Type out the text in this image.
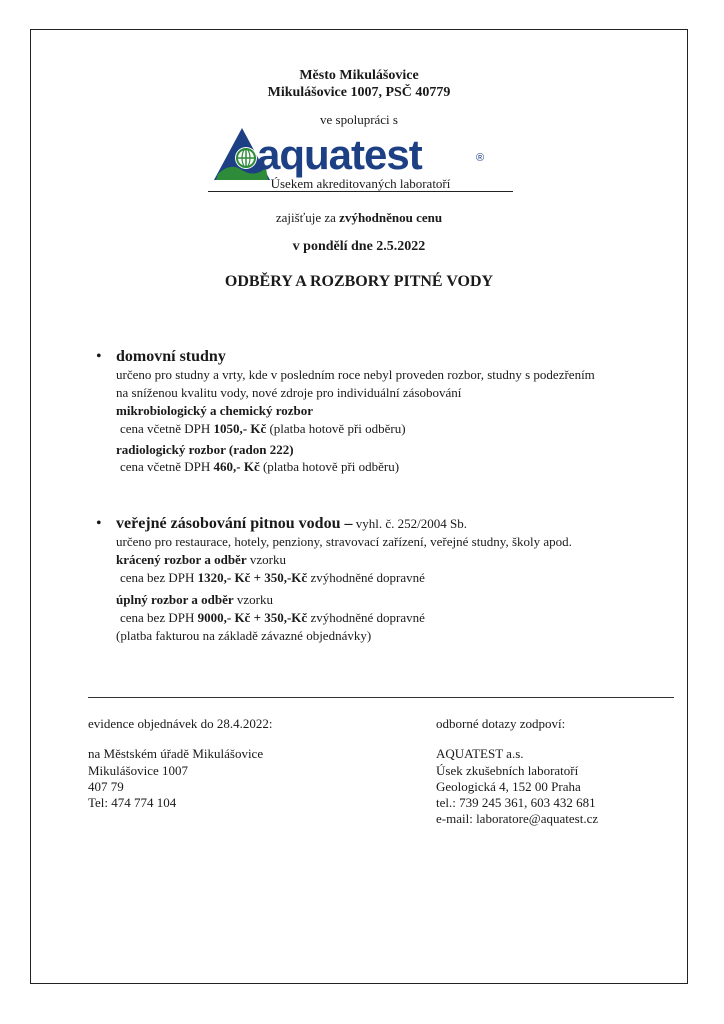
Město Mikulášovice
Mikulášovice 1007, PSČ 40779
ve spolupráci s
aquatest	®
Úsekem akreditovaných laboratoří
zajišťuje za zvýhodněnou cenu
v pondělí dne 2.5.2022
ODBĚRY A ROZBORY PITNÉ VODY
• domovní studny
určeno pro studny a vrty, kde v posledním roce nebyl proveden rozbor, studny s podezřením
na sníženou kvalitu vody, nové zdroje pro individuální zásobování
mikrobiologický a chemický rozbor
cena včetně DPH 1050,- Kč (platba hotově při odběru)
radiologický rozbor (radon 222)
cena včetně DPH 460,- Kč (platba hotově při odběru)
• veřejné zásobování pitnou vodou – vyhl. č. 252/2004 Sb.
určeno pro restaurace, hotely, penziony, stravovací zařízení, veřejné studny, školy apod.
krácený rozbor a odběr vzorku
cena bez DPH 1320,- Kč + 350,-Kč zvýhodněné dopravné
úplný rozbor a odběr vzorku
cena bez DPH 9000,- Kč + 350,-Kč zvýhodněné dopravné
(platba fakturou na základě závazné objednávky)
evidence objednávek do 28.4.2022:
na Městském úřadě Mikulášovice
Mikulášovice 1007
407 79
Tel: 474 774 104
odborné dotazy zodpoví:
AQUATEST a.s.
Úsek zkušebních laboratoří
Geologická 4, 152 00 Praha
tel.: 739 245 361, 603 432 681
e-mail: laboratore@aquatest.cz
